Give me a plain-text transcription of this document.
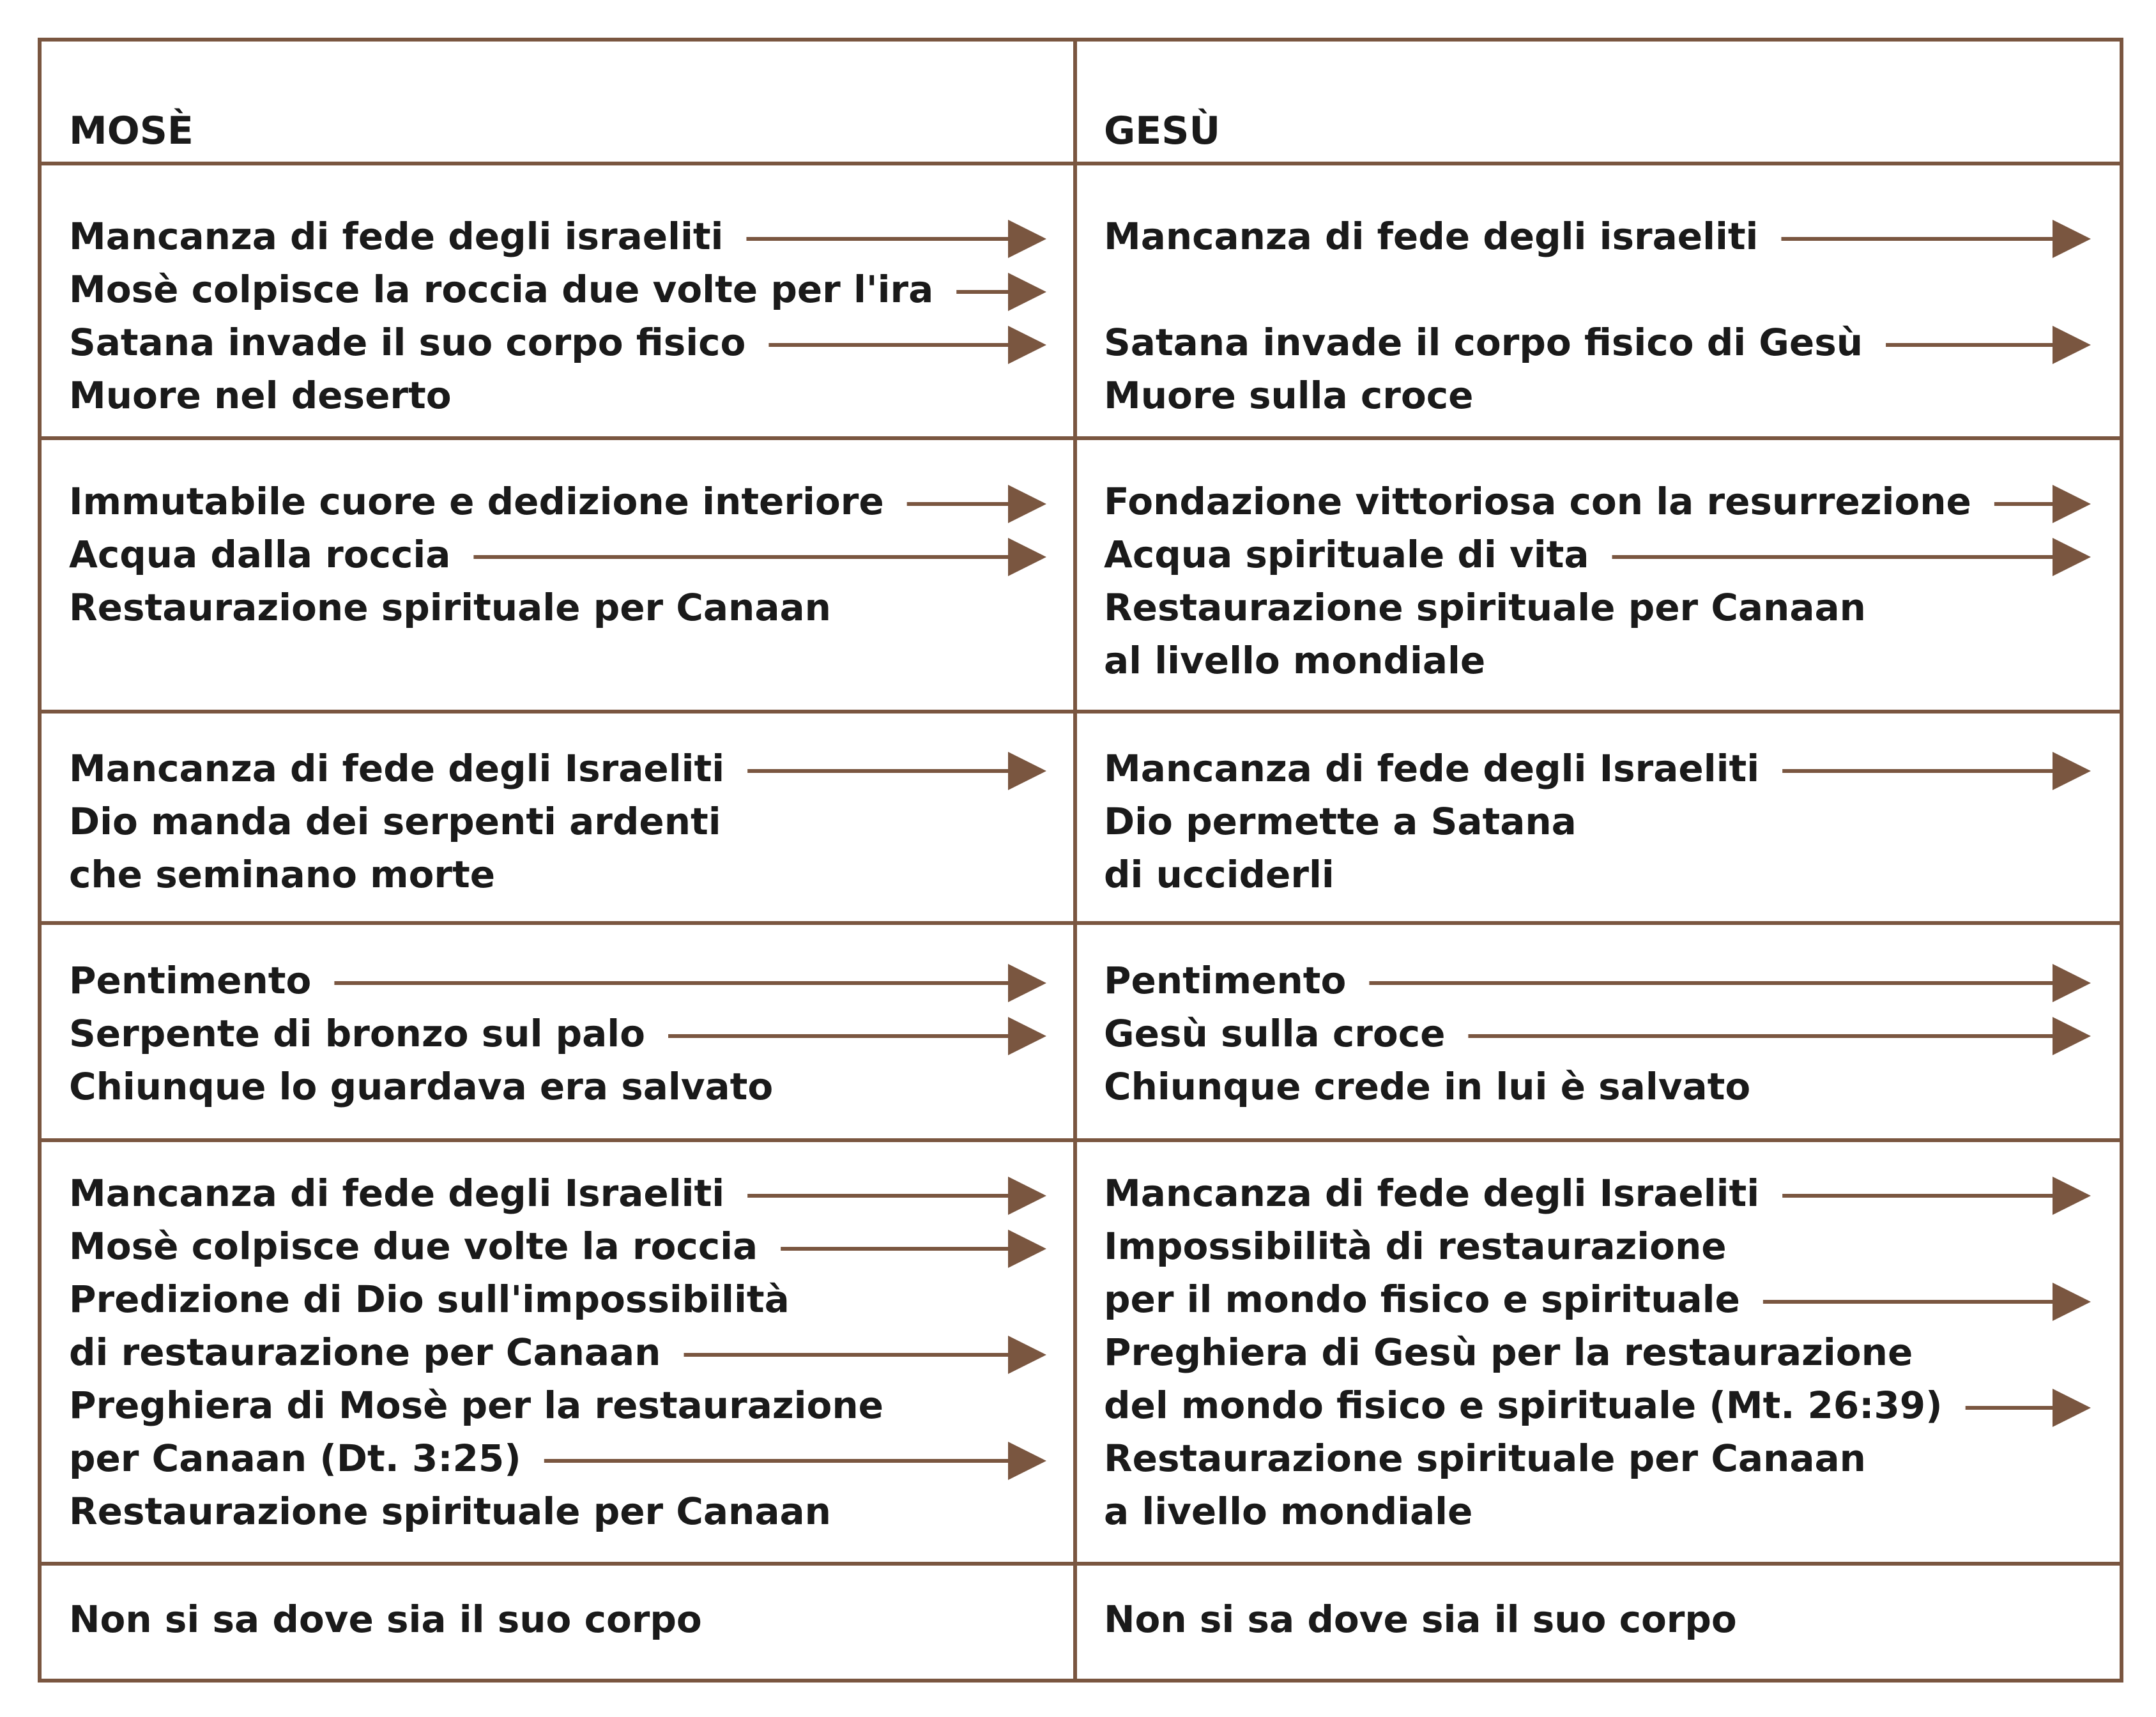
MOSÈ	GESÙ
Mancanza di fede degli israeliti
Mosè colpisce la roccia due volte per l'ira
Satana invade il suo corpo fisico
Muore nel deserto
Mancanza di fede degli israeliti
Satana invade il corpo fisico di Gesù
Muore sulla croce
Immutabile cuore e dedizione interiore
Acqua dalla roccia
Restaurazione spirituale per Canaan
Fondazione vittoriosa con la resurrezione
Acqua spirituale di vita
Restaurazione spirituale per Canaan
al livello mondiale
Mancanza di fede degli Israeliti
Dio manda dei serpenti ardenti
che seminano morte
Mancanza di fede degli Israeliti
Dio permette a Satana
di ucciderli
Pentimento
Serpente di bronzo sul palo
Chiunque lo guardava era salvato
Pentimento
Gesù sulla croce
Chiunque crede in lui è salvato
Mancanza di fede degli Israeliti
Mosè colpisce due volte la roccia
Predizione di Dio sull'impossibilità
di restaurazione per Canaan
Preghiera di Mosè per la restaurazione
per Canaan (Dt. 3:25)
Restaurazione spirituale per Canaan
Mancanza di fede degli Israeliti
Impossibilità di restaurazione
per il mondo fisico e spirituale
Preghiera di Gesù per la restaurazione
del mondo fisico e spirituale (Mt. 26:39)
Restaurazione spirituale per Canaan
a livello mondiale
Non si sa dove sia il suo corpo	Non si sa dove sia il suo corpo
